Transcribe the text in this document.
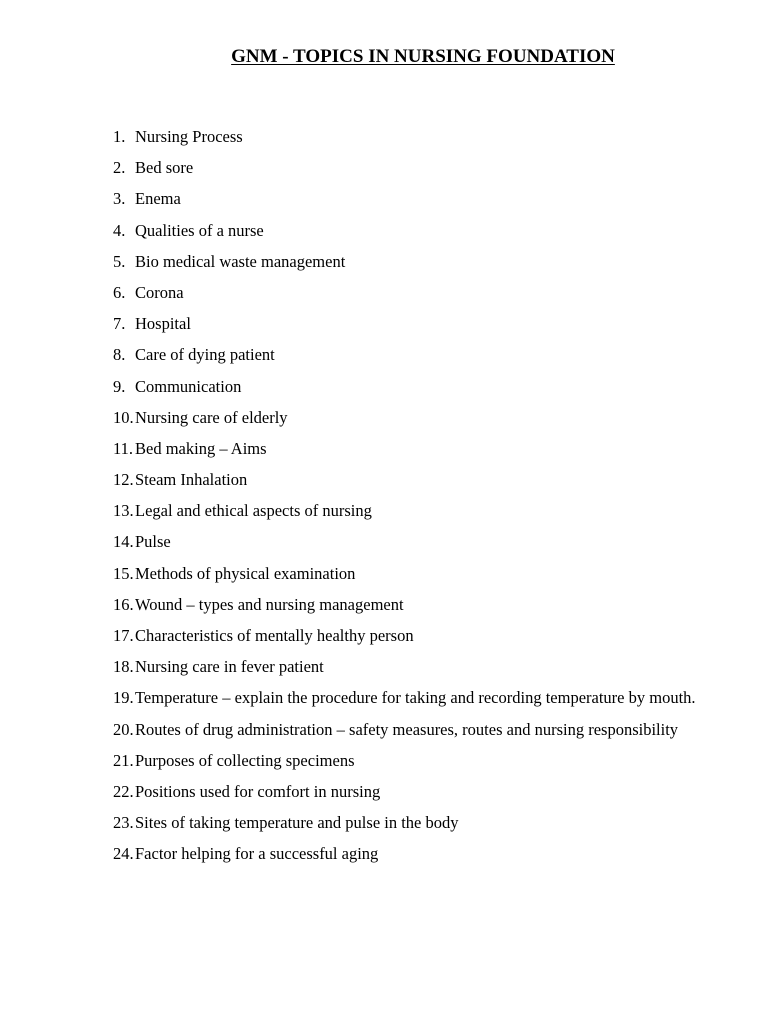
GNM - TOPICS IN NURSING FOUNDATION
1. Nursing Process
2. Bed sore
3. Enema
4. Qualities of a nurse
5. Bio medical waste management
6. Corona
7. Hospital
8. Care of dying patient
9. Communication
10. Nursing care of elderly
11. Bed making – Aims
12. Steam Inhalation
13. Legal and ethical aspects of nursing
14. Pulse
15. Methods of physical examination
16. Wound – types and nursing management
17. Characteristics of mentally healthy person
18. Nursing care in fever patient
19. Temperature – explain the procedure for taking and recording temperature by mouth.
20. Routes of drug administration – safety measures, routes and nursing responsibility
21. Purposes of collecting specimens
22. Positions used for comfort in nursing
23. Sites of taking temperature and pulse in the body
24. Factor helping for a successful aging
